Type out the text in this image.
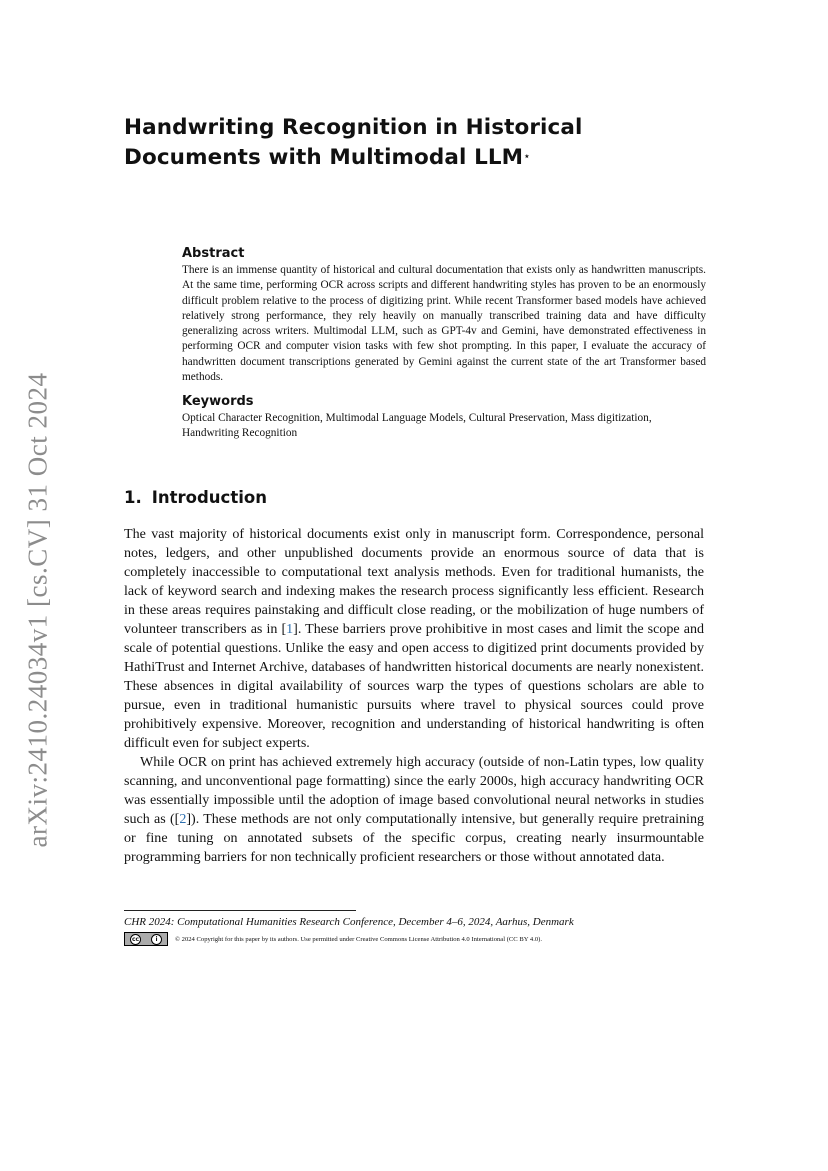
arXiv:2410.24034v1 [cs.CV] 31 Oct 2024
Handwriting Recognition in Historical Documents with Multimodal LLM⋆
Abstract

There is an immense quantity of historical and cultural documentation that exists only as handwritten manuscripts. At the same time, performing OCR across scripts and different handwriting styles has proven to be an enormously difficult problem relative to the process of digitizing print. While recent Transformer based models have achieved relatively strong performance, they rely heavily on manually transcribed training data and have difficulty generalizing across writers. Multimodal LLM, such as GPT-4v and Gemini, have demonstrated effectiveness in performing OCR and computer vision tasks with few shot prompting. In this paper, I evaluate the accuracy of handwritten document transcriptions generated by Gemini against the current state of the art Transformer based methods.

Keywords

Optical Character Recognition, Multimodal Language Models, Cultural Preservation, Mass digitization, Handwriting Recognition

1. Introduction

The vast majority of historical documents exist only in manuscript form. Correspondence, personal notes, ledgers, and other unpublished documents provide an enormous source of data that is completely inaccessible to computational text analysis methods. Even for traditional humanists, the lack of keyword search and indexing makes the research process significantly less efficient. Research in these areas requires painstaking and difficult close reading, or the mobilization of huge numbers of volunteer transcribers as in [1]. These barriers prove prohibitive in most cases and limit the scope and scale of potential questions. Unlike the easy and open access to digitized print documents provided by HathiTrust and Internet Archive, databases of handwritten historical documents are nearly nonexistent. These absences in digital availability of sources warp the types of questions scholars are able to pursue, even in traditional humanistic pursuits where travel to physical sources could prove prohibitively expensive. Moreover, recognition and understanding of historical handwriting is often difficult even for subject experts.

While OCR on print has achieved extremely high accuracy (outside of non-Latin types, low quality scanning, and unconventional page formatting) since the early 2000s, high accuracy handwriting OCR was essentially impossible until the adoption of image based convolutional neural networks in studies such as ([2]). These methods are not only computationally intensive, but generally require pretraining or fine tuning on annotated subsets of the specific corpus, creating nearly insurmountable programming barriers for non technically proficient researchers or those without annotated data.

CHR 2024: Computational Humanities Research Conference, December 4–6, 2024, Aarhus, Denmark
cc	i	© 2024 Copyright for this paper by its authors. Use permitted under Creative Commons License Attribution 4.0 International (CC BY 4.0).
